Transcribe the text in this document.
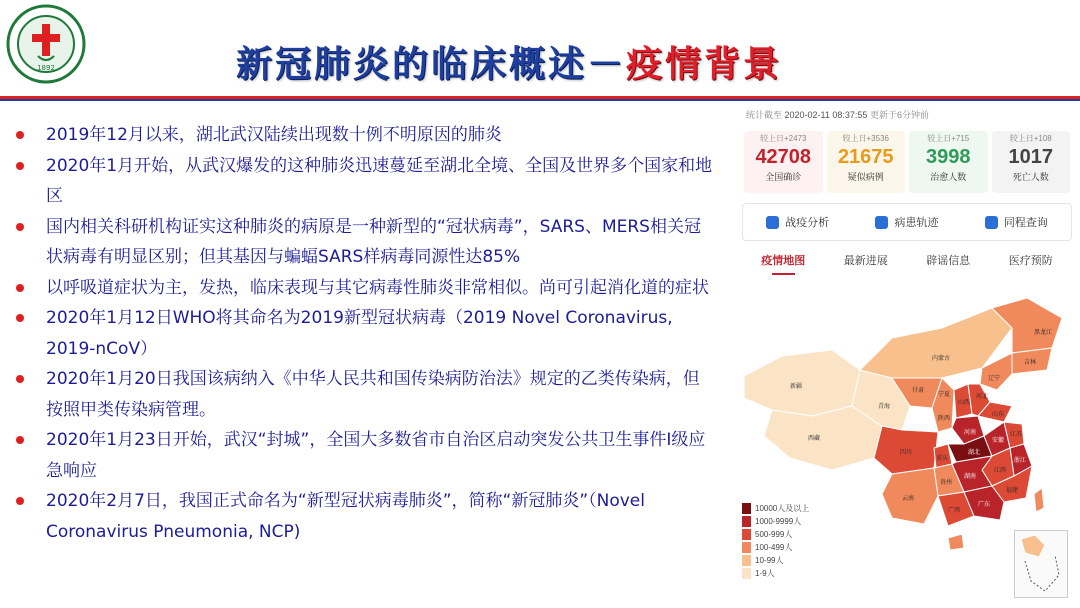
1892	新冠肺炎的临床概述－疫情背景
2019年12月以来，湖北武汉陆续出现数十例不明原因的肺炎
2020年1月开始，从武汉爆发的这种肺炎迅速蔓延至湖北全境、全国及世界多个国家和地区
国内相关科研机构证实这种肺炎的病原是一种新型的“冠状病毒”，SARS、MERS相关冠状病毒有明显区别；但其基因与蝙蝠SARS样病毒同源性达85%
以呼吸道症状为主，发热，临床表现与其它病毒性肺炎非常相似。尚可引起消化道的症状
2020年1月12日WHO将其命名为2019新型冠状病毒（2019 Novel Coronavirus, 2019-nCoV）
2020年1月20日我国该病纳入《中华人民共和国传染病防治法》规定的乙类传染病，但按照甲类传染病管理。
2020年1月23日开始，武汉“封城”，全国大多数省市自治区启动突发公共卫生事件Ⅰ级应急响应
2020年2月7日，我国正式命名为“新型冠状病毒肺炎”，简称“新冠肺炎”（Novel Coronavirus Pneumonia, NCP)
统计截至 2020-02-11 08:37:55 更新于6分钟前
较上日+2473
42708
全国确诊
较上日+3536
21675
疑似病例
较上日+715
3998
治愈人数
较上日+108
1017
死亡人数
战疫分析	病患轨迹	同程查询
疫情地图	最新进展	辟谣信息	医疗预防
黑龙江
吉林
辽宁
内蒙古
新疆
西藏
青海
甘肃
宁夏
陕西
山西
河北
山东
河南
湖北
湖南
四川
重庆
贵州
云南
广西
广东
江西
安徽
浙江
江苏
福建
10000人及以上
1000-9999人
500-999人
100-499人
10-99人
1-9人
